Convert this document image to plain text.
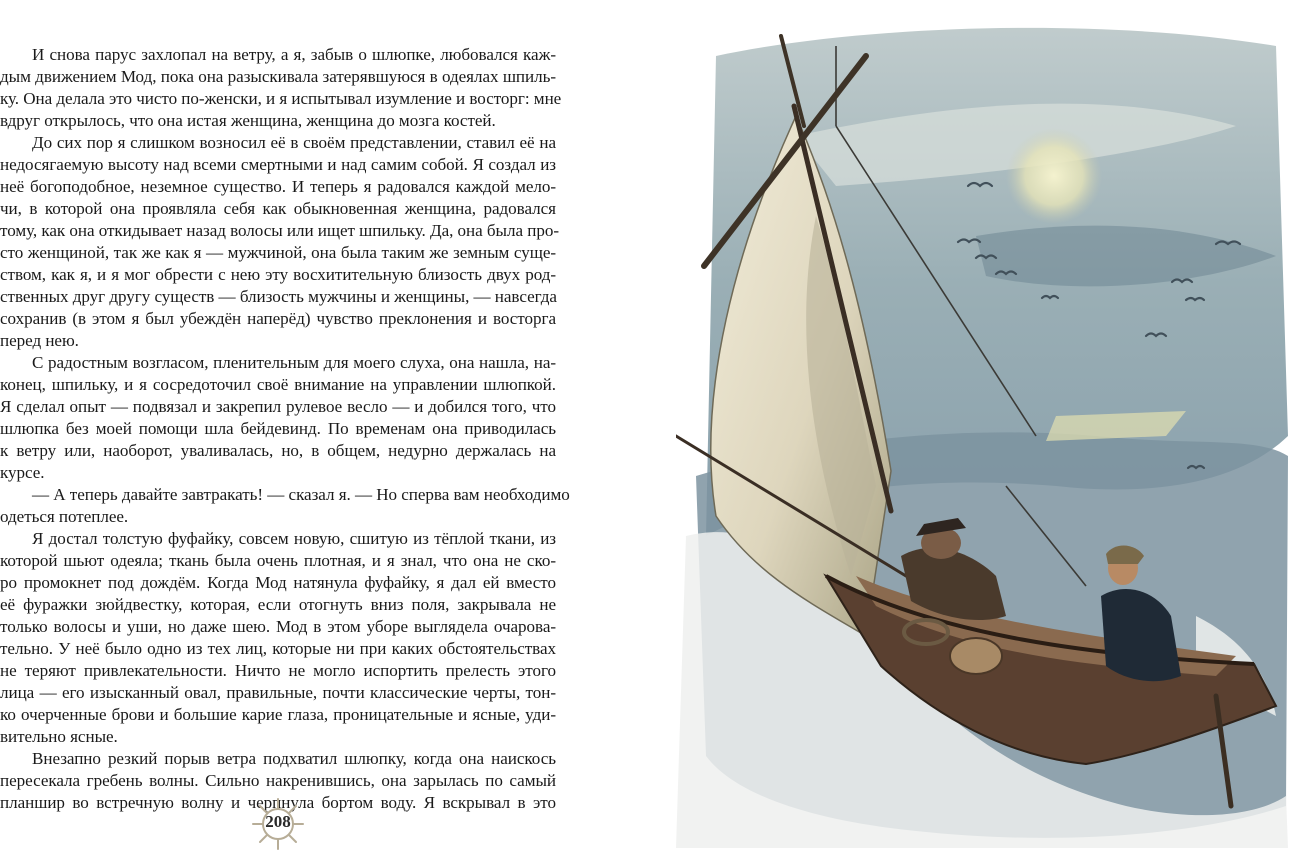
И снова парус захлопал на ветру, а я, забыв о шлюпке, любовался каж-
дым движением Мод, пока она разыскивала затерявшуюся в одеялах шпиль-
ку. Она делала это чисто по-женски, и я испытывал изумление и восторг: мне
вдруг открылось, что она истая женщина, женщина до мозга костей.
До сих пор я слишком возносил её в своём представлении, ставил её на
недосягаемую высоту над всеми смертными и над самим собой. Я создал из
неё богоподобное, неземное существо. И теперь я радовался каждой мело-
чи, в которой она проявляла себя как обыкновенная женщина, радовался
тому, как она откидывает назад волосы или ищет шпильку. Да, она была про-
сто женщиной, так же как я — мужчиной, она была таким же земным суще-
ством, как я, и я мог обрести с нею эту восхитительную близость двух род-
ственных друг другу существ — близость мужчины и женщины, — навсегда
сохранив (в этом я был убеждён наперёд) чувство преклонения и восторга
перед нею.
С радостным возгласом, пленительным для моего слуха, она нашла, на-
конец, шпильку, и я сосредоточил своё внимание на управлении шлюпкой.
Я сделал опыт — подвязал и закрепил рулевое весло — и добился того, что
шлюпка без моей помощи шла бейдевинд. По временам она приводилась
к ветру или, наоборот, уваливалась, но, в общем, недурно держалась на
курсе.
— А теперь давайте завтракать! — сказал я. — Но сперва вам необходимо
одеться потеплее.
Я достал толстую фуфайку, совсем новую, сшитую из тёплой ткани, из
которой шьют одеяла; ткань была очень плотная, и я знал, что она не ско-
ро промокнет под дождём. Когда Мод натянула фуфайку, я дал ей вместо
её фуражки зюйдвестку, которая, если отогнуть вниз поля, закрывала не
только волосы и уши, но даже шею. Мод в этом уборе выглядела очарова-
тельно. У неё было одно из тех лиц, которые ни при каких обстоятельствах
не теряют привлекательности. Ничто не могло испортить прелесть этого
лица — его изысканный овал, правильные, почти классические черты, тон-
ко очерченные брови и большие карие глаза, проницательные и ясные, уди-
вительно ясные.
Внезапно резкий порыв ветра подхватил шлюпку, когда она наискось
пересекала гребень волны. Сильно накренившись, она зарылась по самый
планшир во встречную волну и черпнула бортом воду. Я вскрывал в это
208
